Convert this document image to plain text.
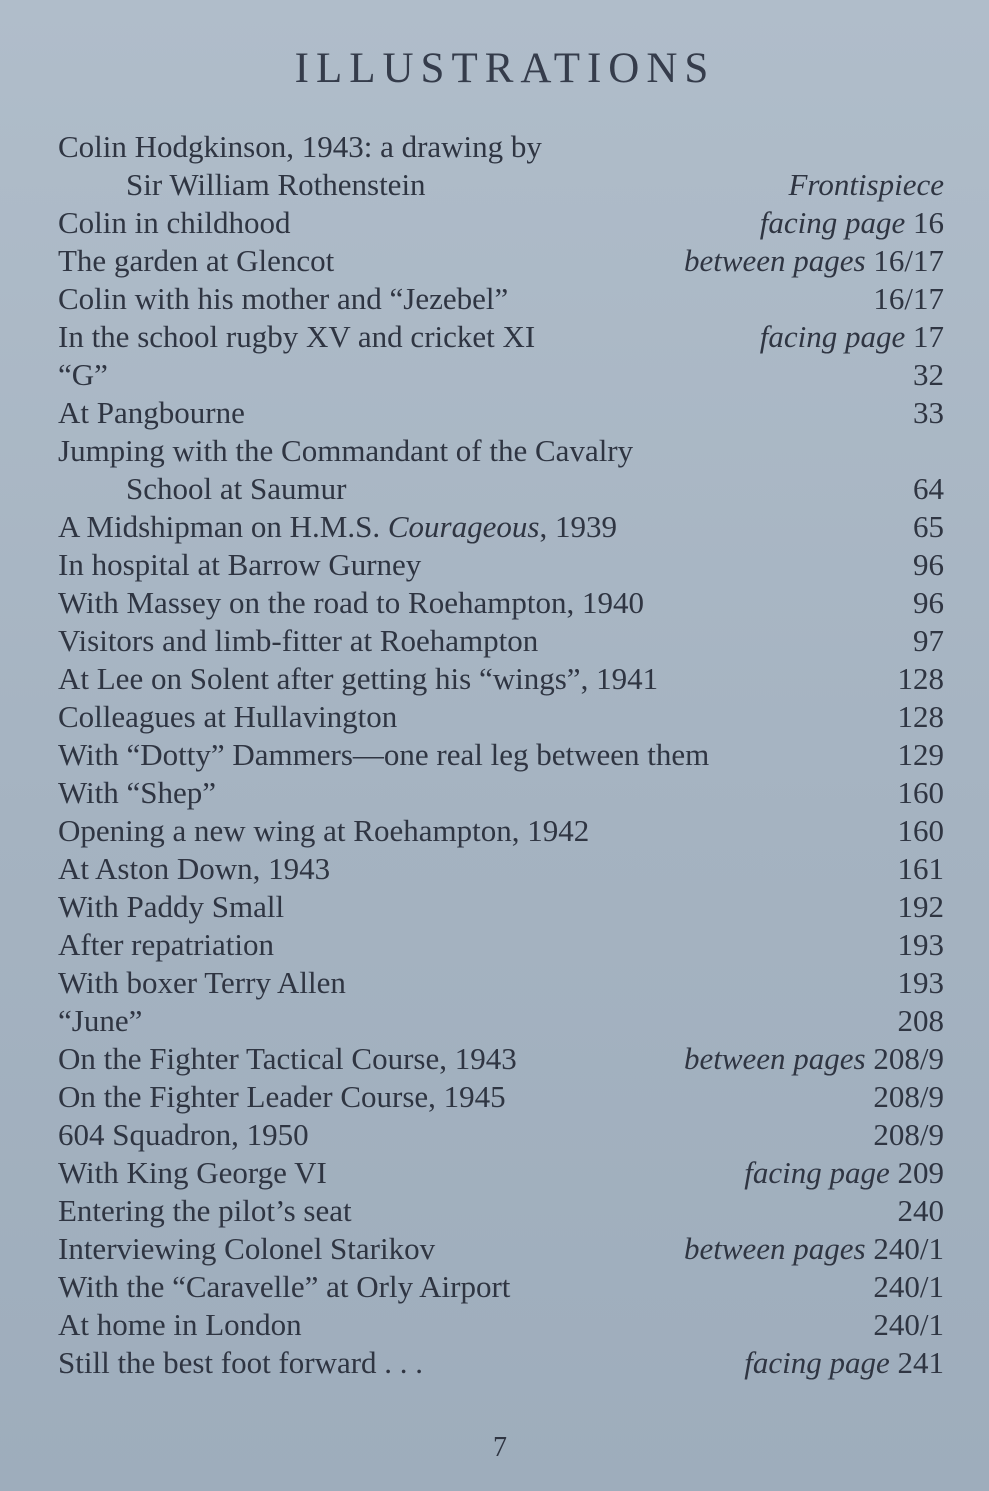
ILLUSTRATIONS
Colin Hodgkinson, 1943: a drawing by
Sir William Rothenstein	Frontispiece
Colin in childhood	facing page 16
The garden at Glencot	between pages 16/17
Colin with his mother and “Jezebel”	16/17
In the school rugby XV and cricket XI	facing page 17
“G”	32
At Pangbourne	33
Jumping with the Commandant of the Cavalry
School at Saumur	64
A Midshipman on H.M.S. Courageous, 1939	65
In hospital at Barrow Gurney	96
With Massey on the road to Roehampton, 1940	96
Visitors and limb-fitter at Roehampton	97
At Lee on Solent after getting his “wings”, 1941	128
Colleagues at Hullavington	128
With “Dotty” Dammers—one real leg between them	129
With “Shep”	160
Opening a new wing at Roehampton, 1942	160
At Aston Down, 1943	161
With Paddy Small	192
After repatriation	193
With boxer Terry Allen	193
“June”	208
On the Fighter Tactical Course, 1943	between pages 208/9
On the Fighter Leader Course, 1945	208/9
604 Squadron, 1950	208/9
With King George VI	facing page 209
Entering the pilot’s seat	240
Interviewing Colonel Starikov	between pages 240/1
With the “Caravelle” at Orly Airport	240/1
At home in London	240/1
Still the best foot forward . . .	facing page 241
7
